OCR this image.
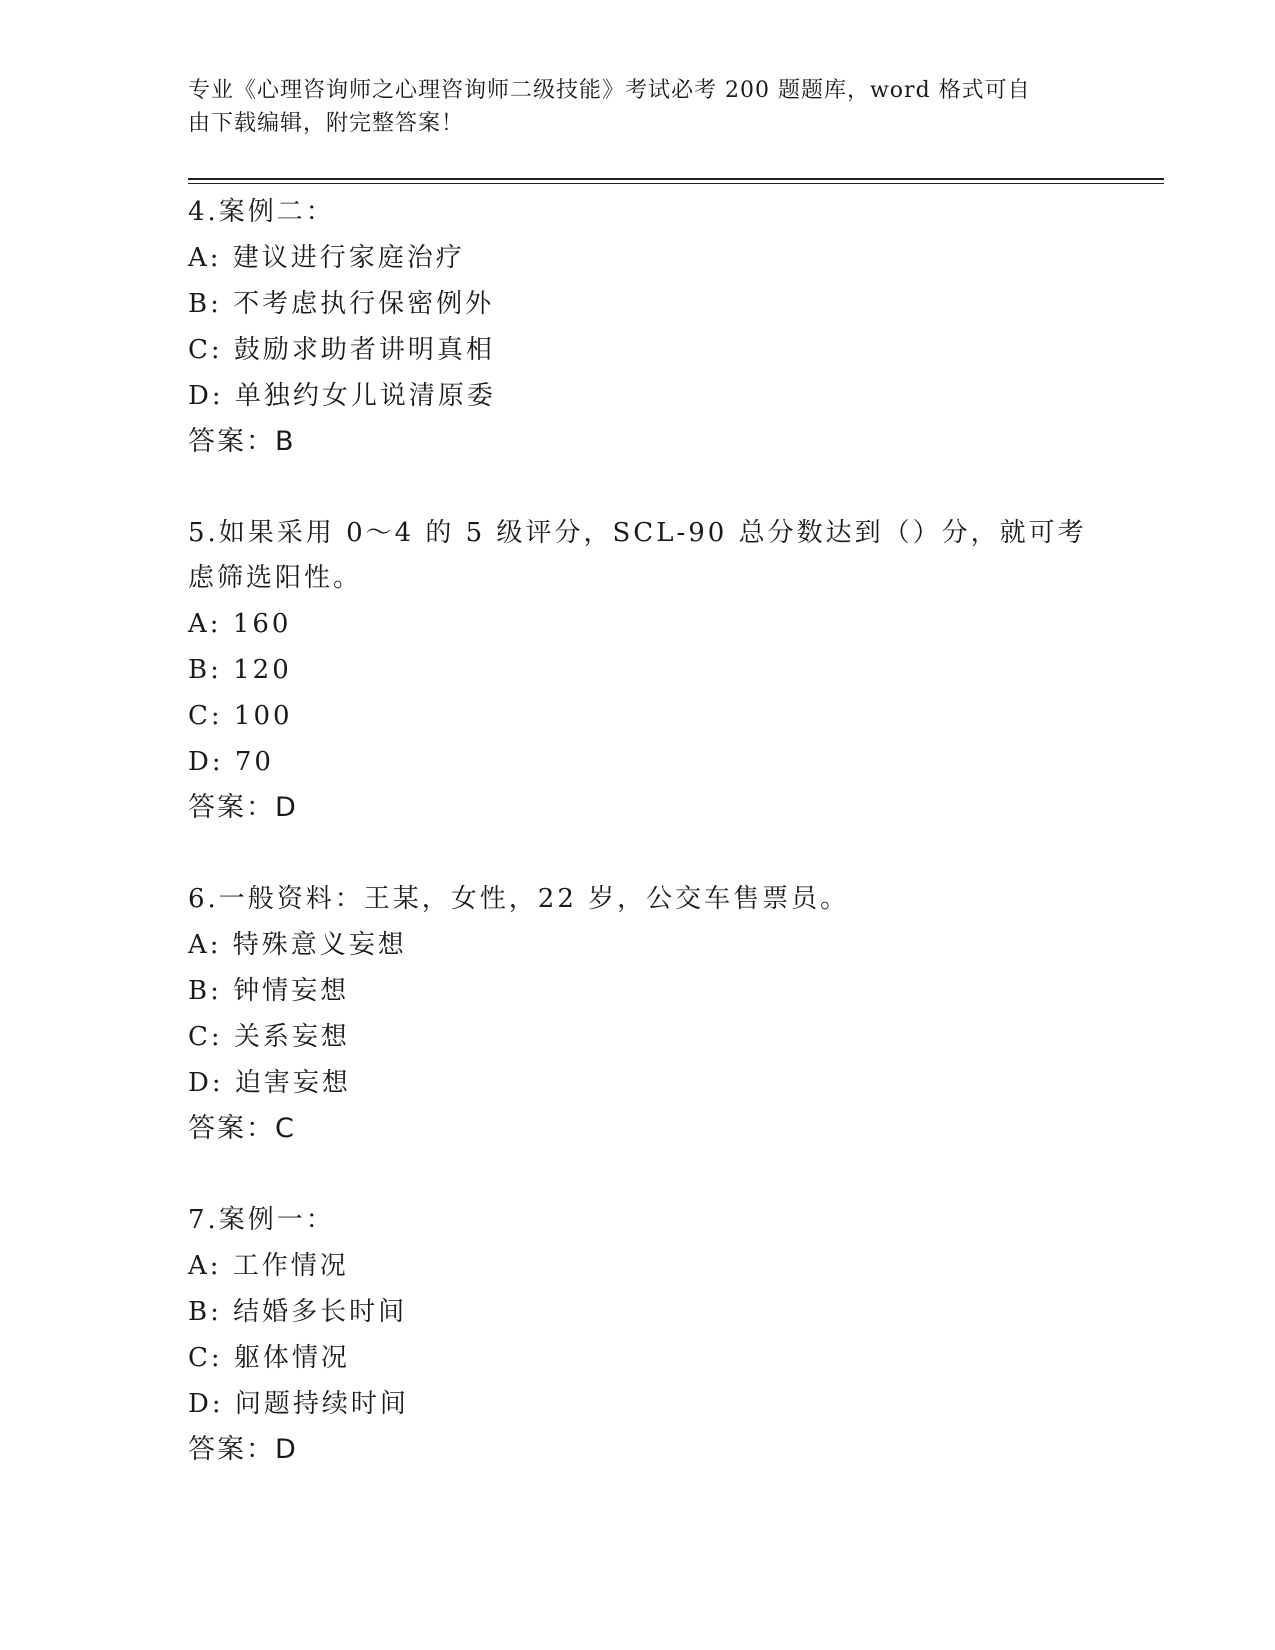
专业《心理咨询师之心理咨询师二级技能》考试必考 200 题题库，word 格式可自
由下载编辑，附完整答案！
4.案例二：
A: 建议进行家庭治疗
B: 不考虑执行保密例外
C: 鼓励求助者讲明真相
D: 单独约女儿说清原委
答案：B
5.如果采用 0～4 的 5 级评分，SCL-90 总分数达到（）分，就可考虑筛选阳性。
A: 160
B: 120
C: 100
D: 70
答案：D
6.一般资料：王某，女性，22 岁，公交车售票员。
A: 特殊意义妄想
B: 钟情妄想
C: 关系妄想
D: 迫害妄想
答案：C
7.案例一：
A: 工作情况
B: 结婚多长时间
C: 躯体情况
D: 问题持续时间
答案：D
